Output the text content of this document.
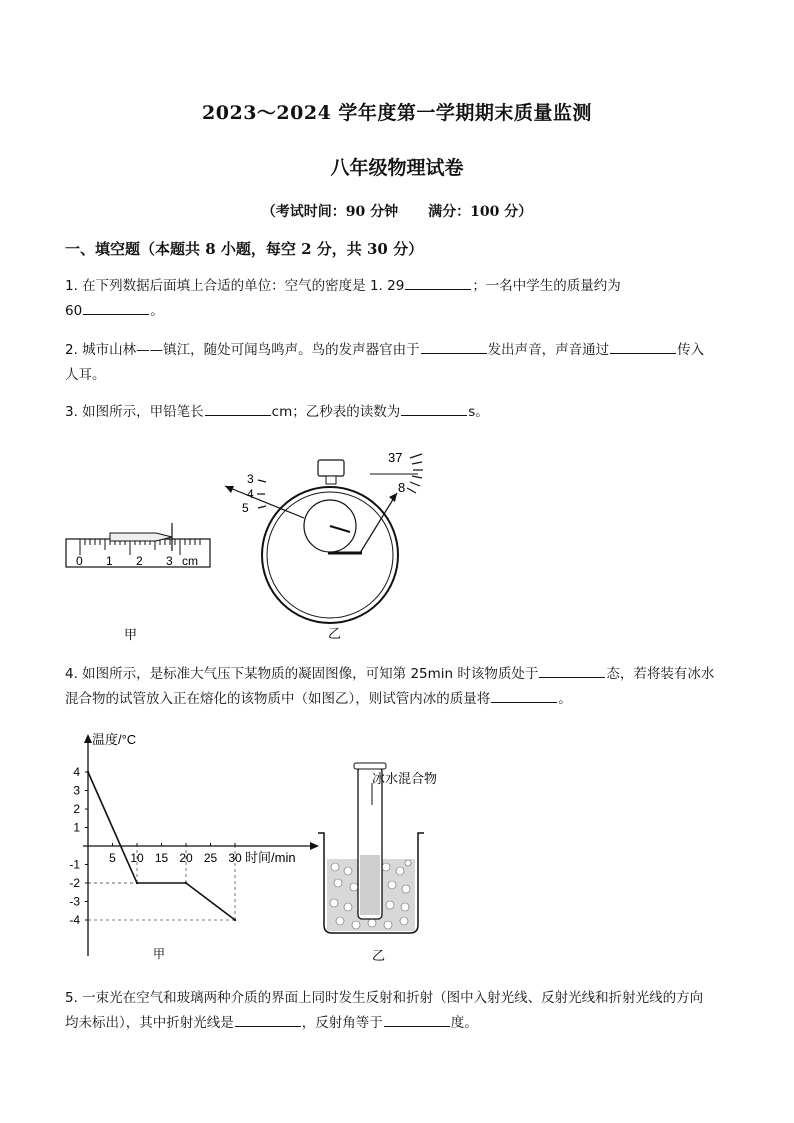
2023～2024 学年度第一学期期末质量监测
八年级物理试卷
（考试时间：90 分钟 满分：100 分）
一、填空题（本题共 8 小题，每空 2 分，共 30 分）
1. 在下列数据后面填上合适的单位：空气的密度是 1. 29	；一名中学生的质量约为
60	。
2. 城市山林——镇江，随处可闻鸟鸣声。鸟的发声器官由于	发出声音，声音通过	传入
人耳。
3. 如图所示，甲铅笔长	cm；乙秒表的读数为	s。
0 1 2 3 cm
甲
3
4
5
37
8
乙
4. 如图所示，是标准大气压下某物质的凝固图像，可知第 25min 时该物质处于	态，若将装有冰水
混合物的试管放入正在熔化的该物质中（如图乙），则试管内冰的质量将	。
4
3
2
1
-1
-2
-3
-4
5 10 15 20 25 30
温度/°C
时间/min
甲
冰水混合物
乙
5. 一束光在空气和玻璃两种介质的界面上同时发生反射和折射（图中入射光线、反射光线和折射光线的方向
均未标出），其中折射光线是	，反射角等于	度。
